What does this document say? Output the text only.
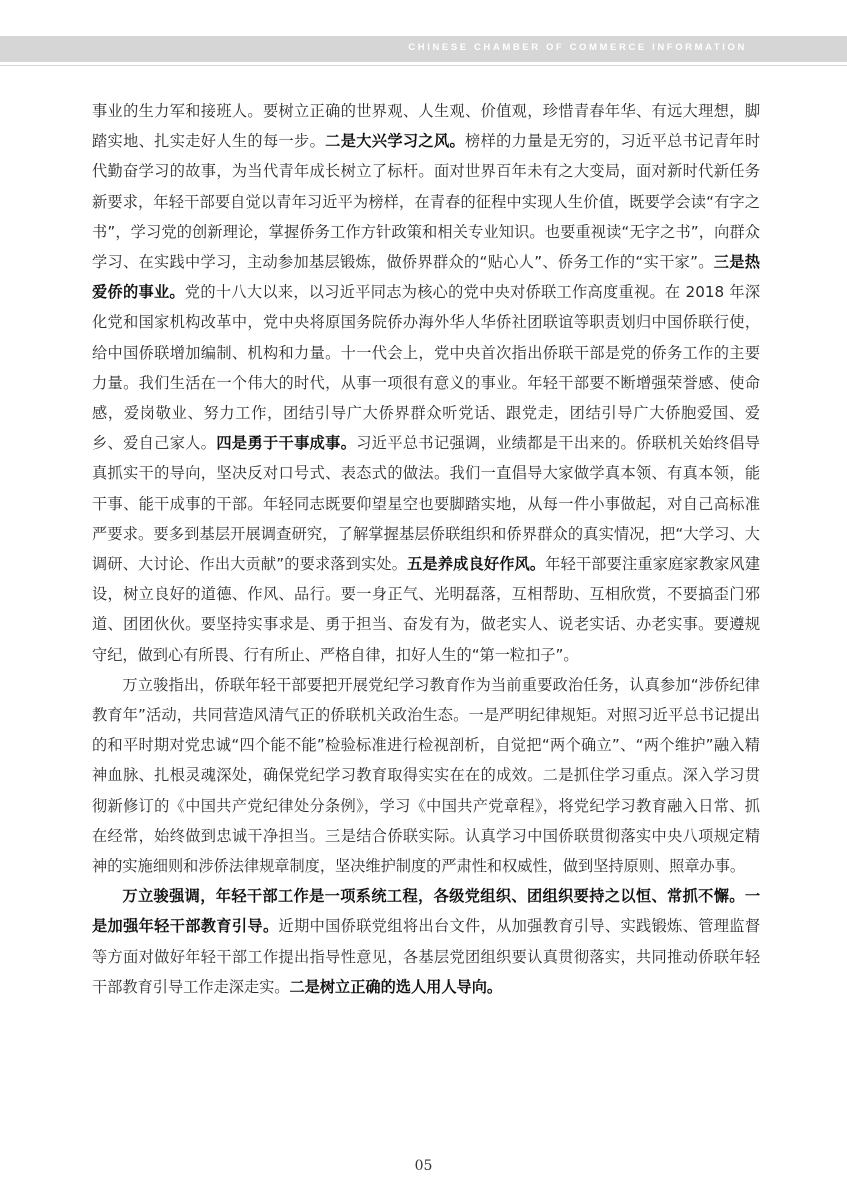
CHINESE CHAMBER OF COMMERCE INFORMATION

事业的生力军和接班人。要树立正确的世界观、人生观、价值观，珍惜青春年华、有远大理想，脚踏实地、扎实走好人生的每一步。二是大兴学习之风。榜样的力量是无穷的，习近平总书记青年时代勤奋学习的故事，为当代青年成长树立了标杆。面对世界百年未有之大变局，面对新时代新任务新要求，年轻干部要自觉以青年习近平为榜样，在青春的征程中实现人生价值，既要学会读“有字之书”，学习党的创新理论，掌握侨务工作方针政策和相关专业知识。也要重视读“无字之书”，向群众学习、在实践中学习，主动参加基层锻炼，做侨界群众的“贴心人”、侨务工作的“实干家”。三是热爱侨的事业。党的十八大以来，以习近平同志为核心的党中央对侨联工作高度重视。在 2018 年深化党和国家机构改革中，党中央将原国务院侨办海外华人华侨社团联谊等职责划归中国侨联行使，给中国侨联增加编制、机构和力量。十一代会上，党中央首次指出侨联干部是党的侨务工作的主要力量。我们生活在一个伟大的时代，从事一项很有意义的事业。年轻干部要不断增强荣誉感、使命感，爱岗敬业、努力工作，团结引导广大侨界群众听党话、跟党走，团结引导广大侨胞爱国、爱乡、爱自己家人。四是勇于干事成事。习近平总书记强调，业绩都是干出来的。侨联机关始终倡导真抓实干的导向，坚决反对口号式、表态式的做法。我们一直倡导大家做学真本领、有真本领，能干事、能干成事的干部。年轻同志既要仰望星空也要脚踏实地，从每一件小事做起，对自己高标准严要求。要多到基层开展调查研究，了解掌握基层侨联组织和侨界群众的真实情况，把“大学习、大调研、大讨论、作出大贡献”的要求落到实处。五是养成良好作风。年轻干部要注重家庭家教家风建设，树立良好的道德、作风、品行。要一身正气、光明磊落，互相帮助、互相欣赏，不要搞歪门邪道、团团伙伙。要坚持实事求是、勇于担当、奋发有为，做老实人、说老实话、办老实事。要遵规守纪，做到心有所畏、行有所止、严格自律，扣好人生的“第一粒扣子”。

万立骏指出，侨联年轻干部要把开展党纪学习教育作为当前重要政治任务，认真参加“涉侨纪律教育年”活动，共同营造风清气正的侨联机关政治生态。一是严明纪律规矩。对照习近平总书记提出的和平时期对党忠诚“四个能不能”检验标准进行检视剖析，自觉把“两个确立”、“两个维护”融入精神血脉、扎根灵魂深处，确保党纪学习教育取得实实在在的成效。二是抓住学习重点。深入学习贯彻新修订的《中国共产党纪律处分条例》，学习《中国共产党章程》，将党纪学习教育融入日常、抓在经常，始终做到忠诚干净担当。三是结合侨联实际。认真学习中国侨联贯彻落实中央八项规定精神的实施细则和涉侨法律规章制度，坚决维护制度的严肃性和权威性，做到坚持原则、照章办事。

万立骏强调，年轻干部工作是一项系统工程，各级党组织、团组织要持之以恒、常抓不懈。一是加强年轻干部教育引导。近期中国侨联党组将出台文件，从加强教育引导、实践锻炼、管理监督等方面对做好年轻干部工作提出指导性意见，各基层党团组织要认真贯彻落实，共同推动侨联年轻干部教育引导工作走深走实。二是树立正确的选人用人导向。

05
